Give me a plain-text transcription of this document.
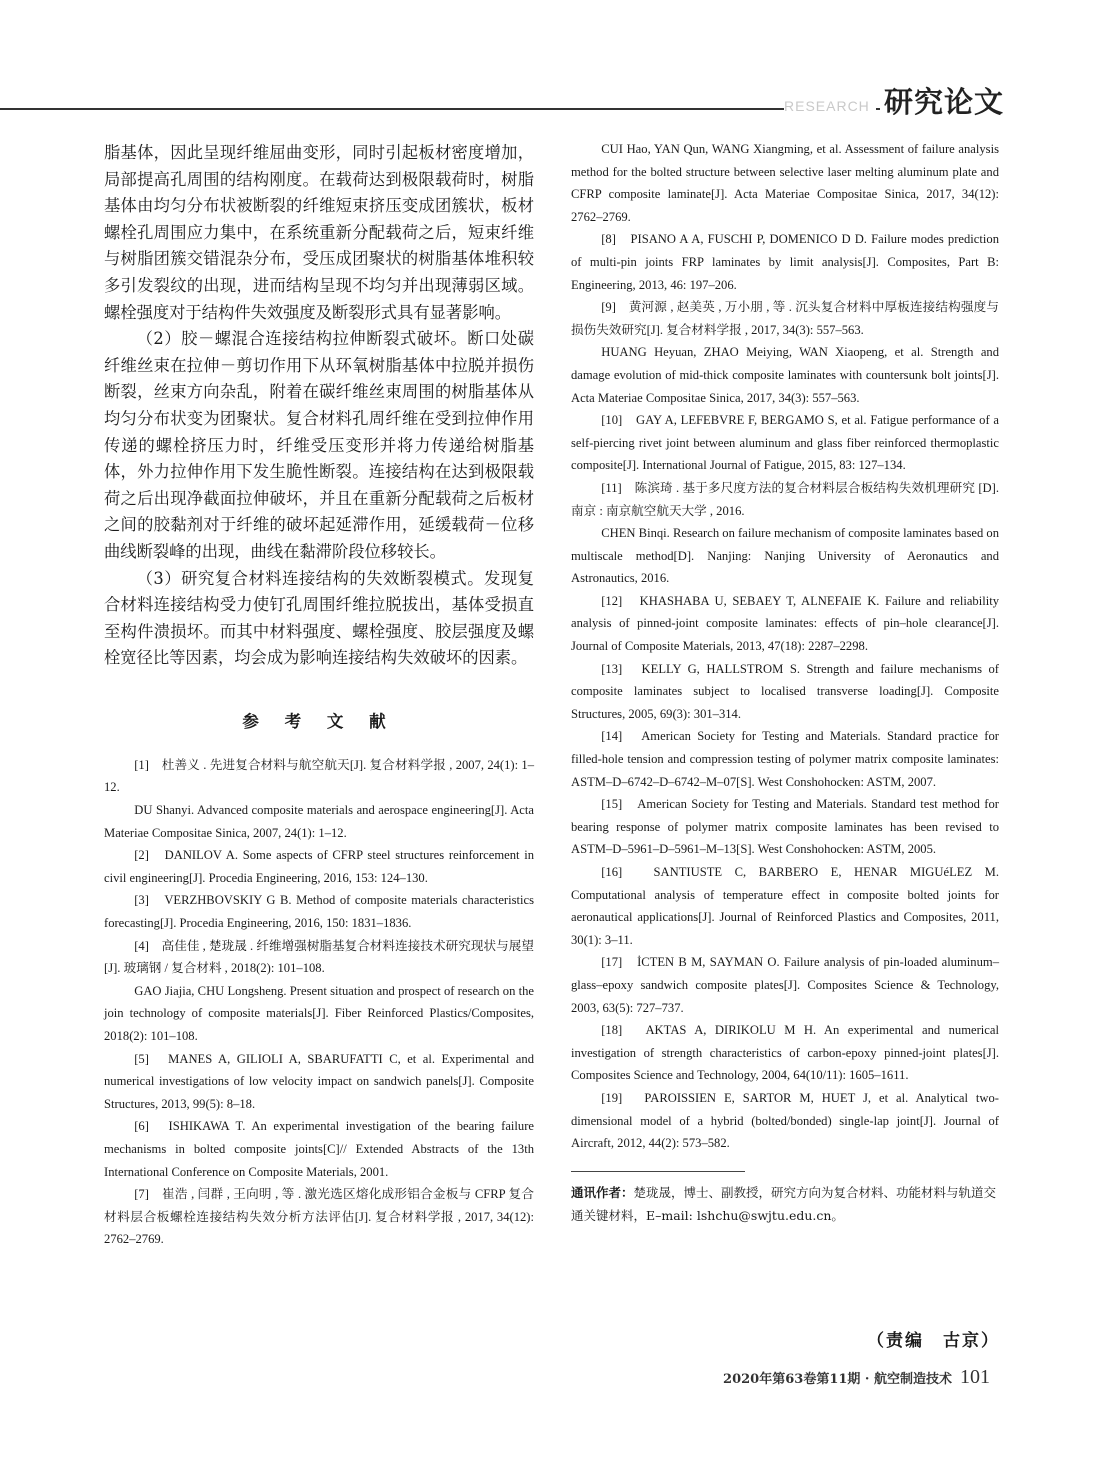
RESEARCH 研究论文

脂基体，因此呈现纤维屈曲变形，同时引起板材密度增加，局部提高孔周围的结构刚度。在载荷达到极限载荷时，树脂基体由均匀分布状被断裂的纤维短束挤压变成团簇状，板材螺栓孔周围应力集中，在系统重新分配载荷之后，短束纤维与树脂团簇交错混杂分布，受压成团聚状的树脂基体堆积较多引发裂纹的出现，进而结构呈现不均匀并出现薄弱区域。螺栓强度对于结构件失效强度及断裂形式具有显著影响。

（2）胶－螺混合连接结构拉伸断裂式破坏。断口处碳纤维丝束在拉伸－剪切作用下从环氧树脂基体中拉脱并损伤断裂，丝束方向杂乱，附着在碳纤维丝束周围的树脂基体从均匀分布状变为团聚状。复合材料孔周纤维在受到拉伸作用传递的螺栓挤压力时，纤维受压变形并将力传递给树脂基体，外力拉伸作用下发生脆性断裂。连接结构在达到极限载荷之后出现净截面拉伸破坏，并且在重新分配载荷之后板材之间的胶黏剂对于纤维的破坏起延滞作用，延缓载荷－位移曲线断裂峰的出现，曲线在黏滞阶段位移较长。

（3）研究复合材料连接结构的失效断裂模式。发现复合材料连接结构受力使钉孔周围纤维拉脱拔出，基体受损直至构件溃损坏。而其中材料强度、螺栓强度、胶层强度及螺栓宽径比等因素，均会成为影响连接结构失效破坏的因素。

参 考 文 献

[1]　杜善义 . 先进复合材料与航空航天[J]. 复合材料学报 , 2007, 24(1): 1–12.

DU Shanyi. Advanced composite materials and aerospace engineering[J]. Acta Materiae Compositae Sinica, 2007, 24(1): 1–12.

[2]　DANILOV A. Some aspects of CFRP steel structures reinforcement in civil engineering[J]. Procedia Engineering, 2016, 153: 124–130.

[3]　VERZHBOVSKIY G B. Method of composite materials characteristics forecasting[J]. Procedia Engineering, 2016, 150: 1831–1836.

[4]　高佳佳 , 楚珑晟 . 纤维增强树脂基复合材料连接技术研究现状与展望 [J]. 玻璃钢 / 复合材料 , 2018(2): 101–108.

GAO Jiajia, CHU Longsheng. Present situation and prospect of research on the join technology of composite materials[J]. Fiber Reinforced Plastics/Composites, 2018(2): 101–108.

[5]　MANES A, GILIOLI A, SBARUFATTI C, et al. Experimental and numerical investigations of low velocity impact on sandwich panels[J]. Composite Structures, 2013, 99(5): 8–18.

[6]　ISHIKAWA T. An experimental investigation of the bearing failure mechanisms in bolted composite joints[C]// Extended Abstracts of the 13th International Conference on Composite Materials, 2001.

[7]　崔浩 , 闫群 , 王向明 , 等 . 激光选区熔化成形铝合金板与 CFRP 复合材料层合板螺栓连接结构失效分析方法评估[J]. 复合材料学报 , 2017, 34(12): 2762–2769.

CUI Hao, YAN Qun, WANG Xiangming, et al. Assessment of failure analysis method for the bolted structure between selective laser melting aluminum plate and CFRP composite laminate[J]. Acta Materiae Compositae Sinica, 2017, 34(12): 2762–2769.

[8]　PISANO A A, FUSCHI P, DOMENICO D D. Failure modes prediction of multi-pin joints FRP laminates by limit analysis[J]. Composites, Part B: Engineering, 2013, 46: 197–206.

[9]　黄河源 , 赵美英 , 万小朋 , 等 . 沉头复合材料中厚板连接结构强度与损伤失效研究[J]. 复合材料学报 , 2017, 34(3): 557–563.

HUANG Heyuan, ZHAO Meiying, WAN Xiaopeng, et al. Strength and damage evolution of mid-thick composite laminates with countersunk bolt joints[J]. Acta Materiae Compositae Sinica, 2017, 34(3): 557–563.

[10]　GAY A, LEFEBVRE F, BERGAMO S, et al. Fatigue performance of a self-piercing rivet joint between aluminum and glass fiber reinforced thermoplastic composite[J]. International Journal of Fatigue, 2015, 83: 127–134.

[11]　陈滨琦 . 基于多尺度方法的复合材料层合板结构失效机理研究 [D]. 南京 : 南京航空航天大学 , 2016.

CHEN Binqi. Research on failure mechanism of composite laminates based on multiscale method[D]. Nanjing: Nanjing University of Aeronautics and Astronautics, 2016.

[12]　KHASHABA U, SEBAEY T, ALNEFAIE K. Failure and reliability analysis of pinned-joint composite laminates: effects of pin–hole clearance[J]. Journal of Composite Materials, 2013, 47(18): 2287–2298.

[13]　KELLY G, HALLSTROM S. Strength and failure mechanisms of composite laminates subject to localised transverse loading[J]. Composite Structures, 2005, 69(3): 301–314.

[14]　American Society for Testing and Materials. Standard practice for filled-hole tension and compression testing of polymer matrix composite laminates: ASTM–D–6742–D–6742–M–07[S]. West Conshohocken: ASTM, 2007.

[15]　American Society for Testing and Materials. Standard test method for bearing response of polymer matrix composite laminates has been revised to ASTM–D–5961–D–5961–M–13[S]. West Conshohocken: ASTM, 2005.

[16]　SANTIUSTE C, BARBERO E, HENAR MIGUéLEZ M. Computational analysis of temperature effect in composite bolted joints for aeronautical applications[J]. Journal of Reinforced Plastics and Composites, 2011, 30(1): 3–11.

[17]　İCTEN B M, SAYMAN O. Failure analysis of pin-loaded aluminum–glass–epoxy sandwich composite plates[J]. Composites Science & Technology, 2003, 63(5): 727–737.

[18]　AKTAS A, DIRIKOLU M H. An experimental and numerical investigation of strength characteristics of carbon-epoxy pinned-joint plates[J]. Composites Science and Technology, 2004, 64(10/11): 1605–1611.

[19]　PAROISSIEN E, SARTOR M, HUET J, et al. Analytical two-dimensional model of a hybrid (bolted/bonded) single-lap joint[J]. Journal of Aircraft, 2012, 44(2): 573–582.

通讯作者：楚珑晟，博士、副教授，研究方向为复合材料、功能材料与轨道交通关键材料，E–mail: lshchu@swjtu.edu.cn。

（责编　古京）
2020年第63卷第11期 · 航空制造技术 101
